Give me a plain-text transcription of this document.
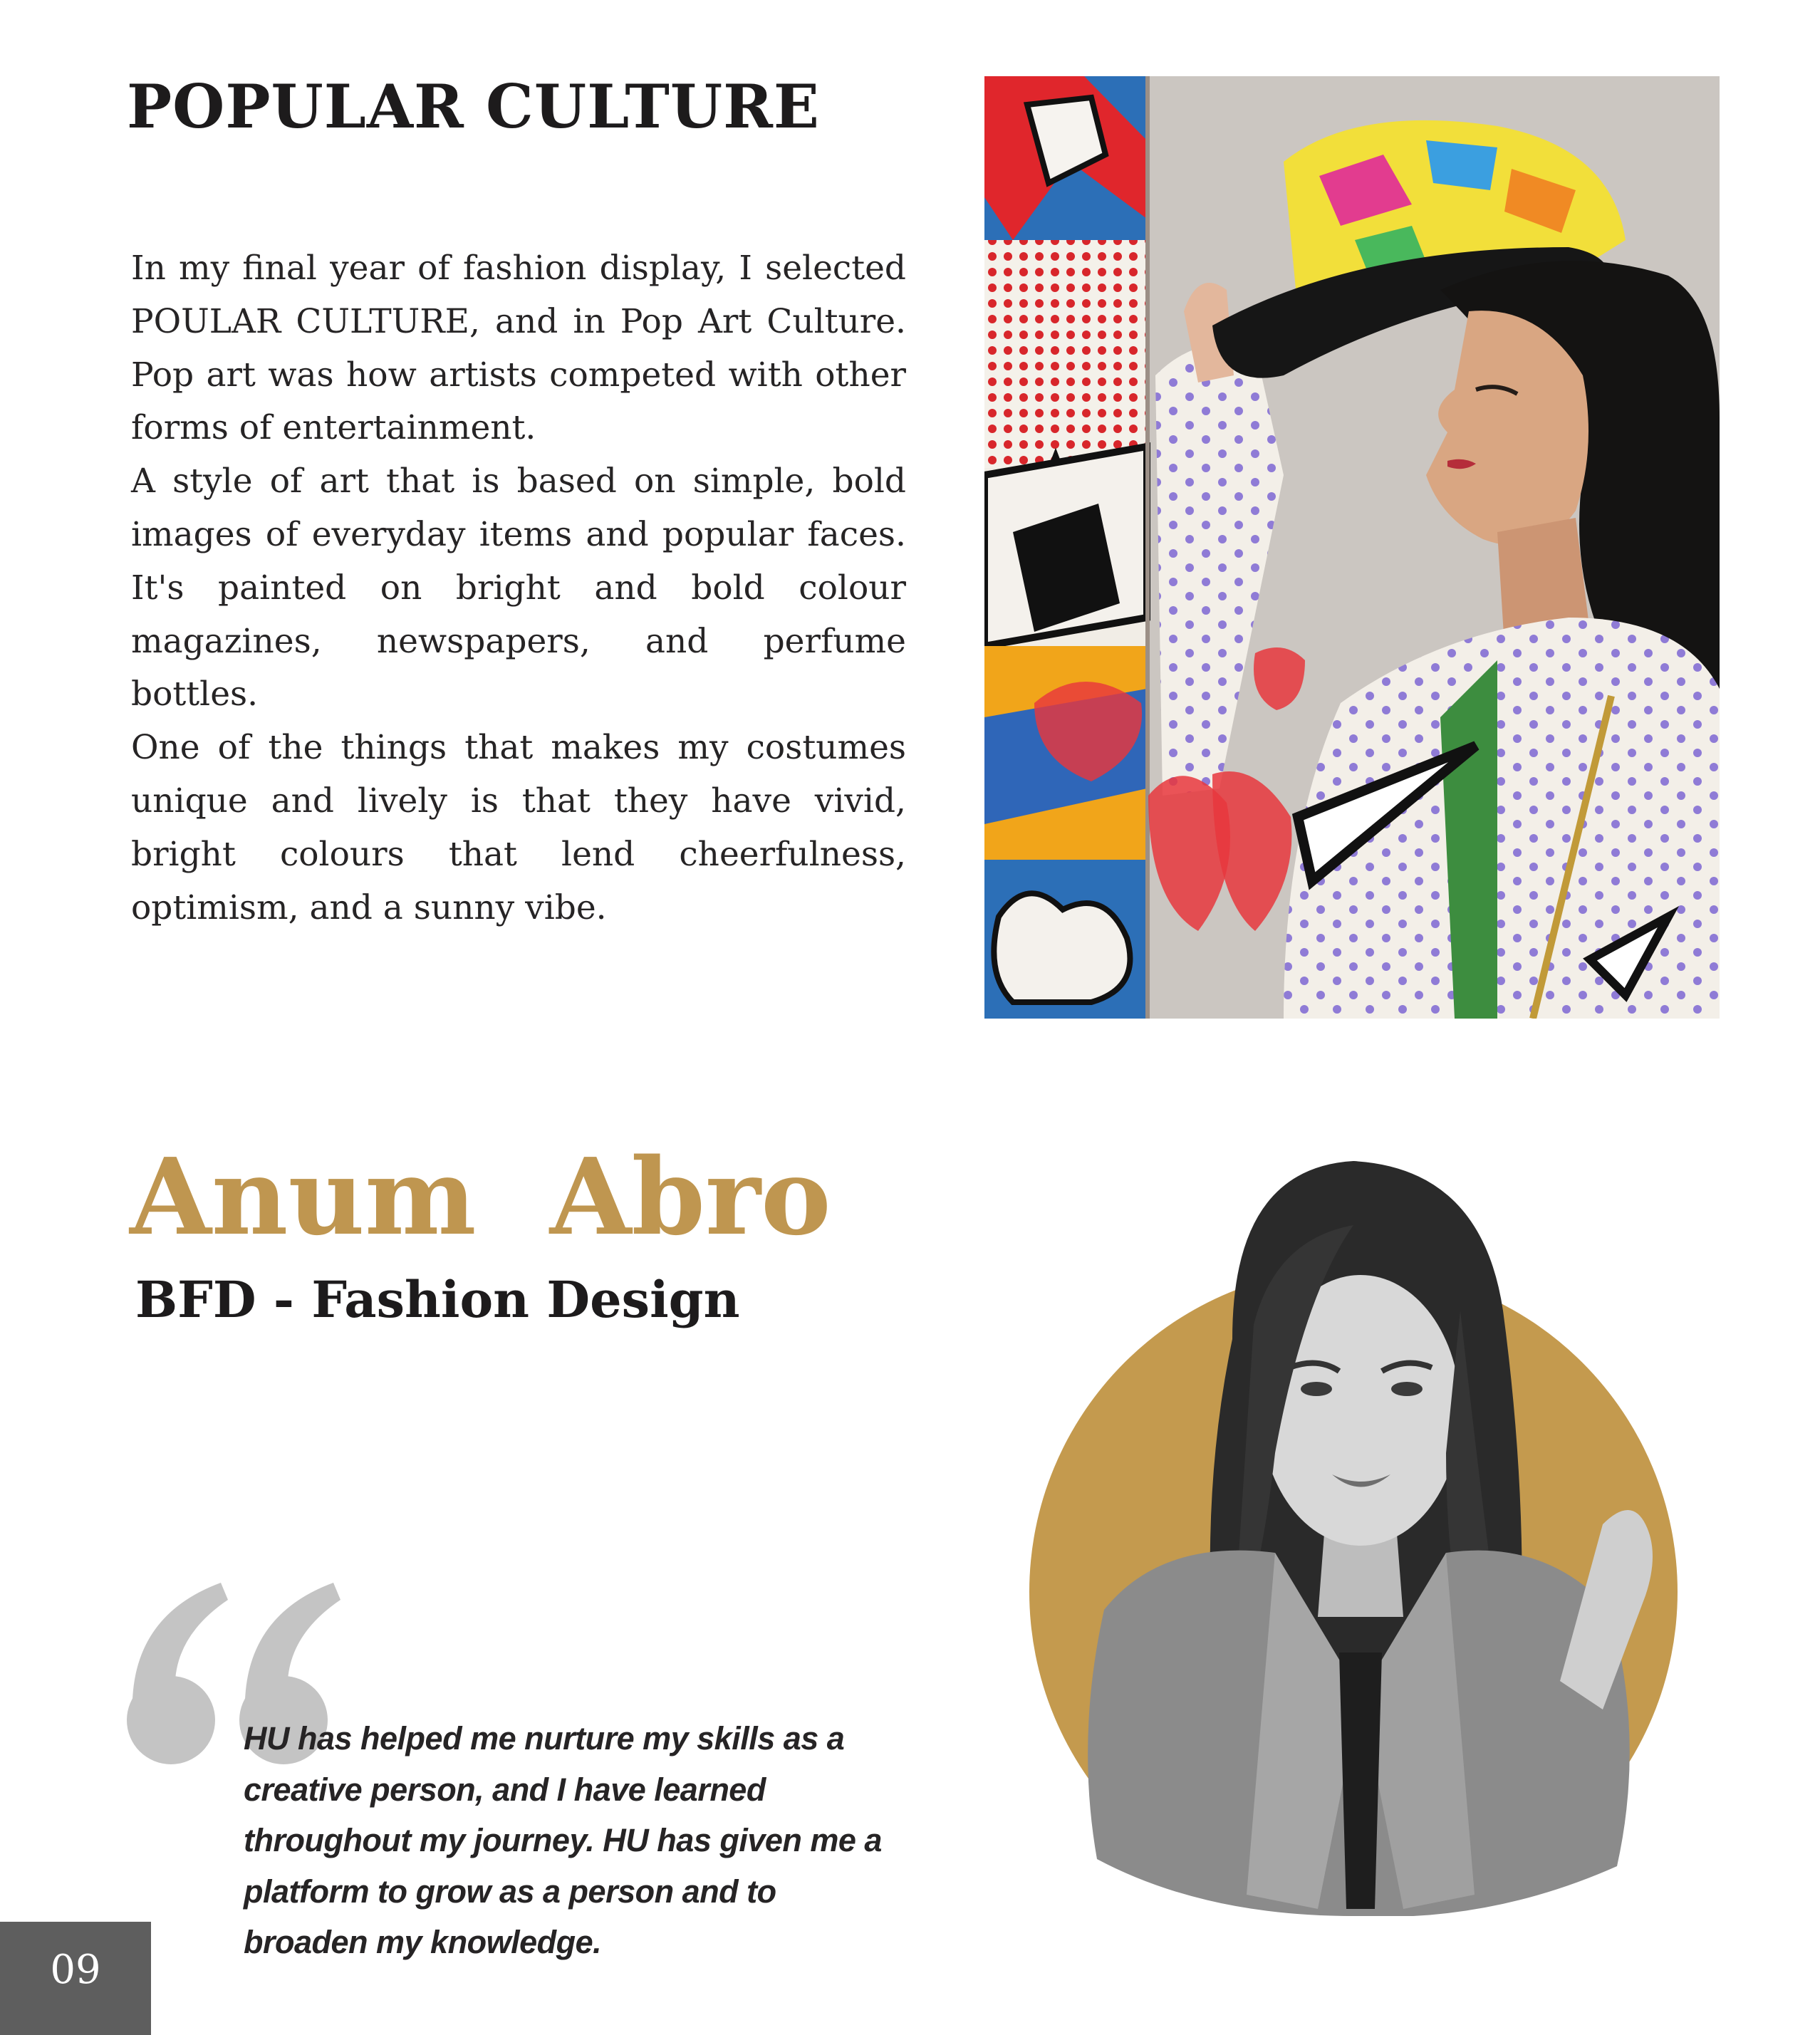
POPULAR CULTURE

In my final year of fashion display, I selected POULAR CULTURE, and in Pop Art Culture. Pop art was how artists competed with other forms of entertainment.

A style of art that is based on simple, bold images of everyday items and popular faces. It's painted on bright and bold colour magazines, newspapers, and perfume bottles.

One of the things that makes my costumes unique and lively is that they have vivid, bright colours that lend cheerfulness, optimism, and a sunny vibe.

Anum  Abro
BFD - Fashion Design

HU has helped me nurture my skills as a creative person, and I have learned throughout my journey. HU has given me a platform to grow as a person and to broaden my knowledge.

09
